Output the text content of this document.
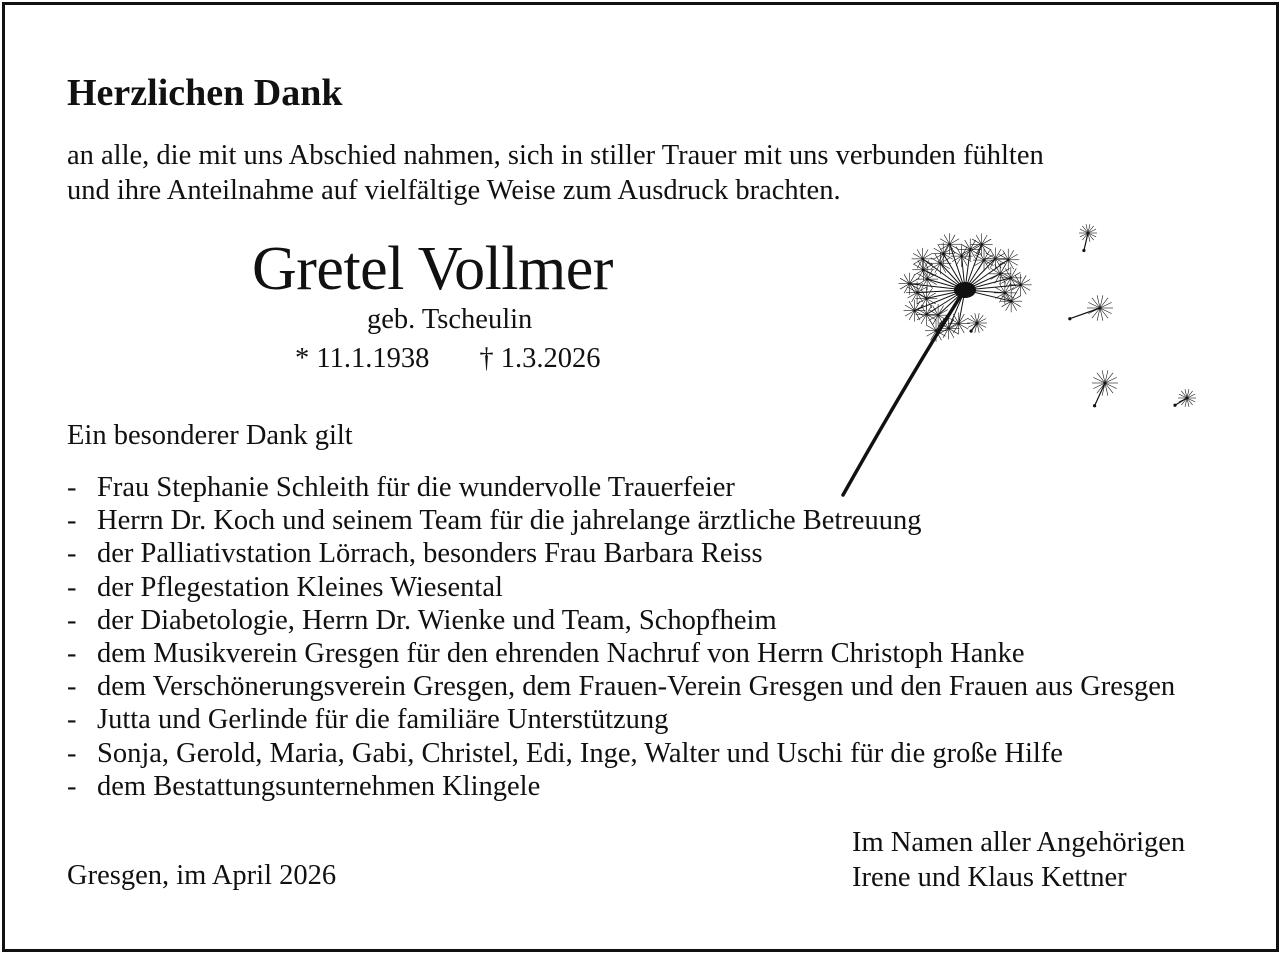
Herzlichen Dank
an alle, die mit uns Abschied nahmen, sich in stiller Trauer mit uns verbunden fühlten
und ihre Anteilnahme auf vielfältige Weise zum Ausdruck brachten.
Gretel Vollmer
geb. Tscheulin
* 11.1.1938 † 1.3.2026
Ein besonderer Dank gilt
- Frau Stephanie Schleith für die wundervolle Trauerfeier
- Herrn Dr. Koch und seinem Team für die jahrelange ärztliche Betreuung
- der Palliativstation Lörrach, besonders Frau Barbara Reiss
- der Pflegestation Kleines Wiesental
- der Diabetologie, Herrn Dr. Wienke und Team, Schopfheim
- dem Musikverein Gresgen für den ehrenden Nachruf von Herrn Christoph Hanke
- dem Verschönerungsverein Gresgen, dem Frauen-Verein Gresgen und den Frauen aus Gresgen
- Jutta und Gerlinde für die familiäre Unterstützung
- Sonja, Gerold, Maria, Gabi, Christel, Edi, Inge, Walter und Uschi für die große Hilfe
- dem Bestattungsunternehmen Klingele
Gresgen, im April 2026
Im Namen aller Angehörigen
Irene und Klaus Kettner
